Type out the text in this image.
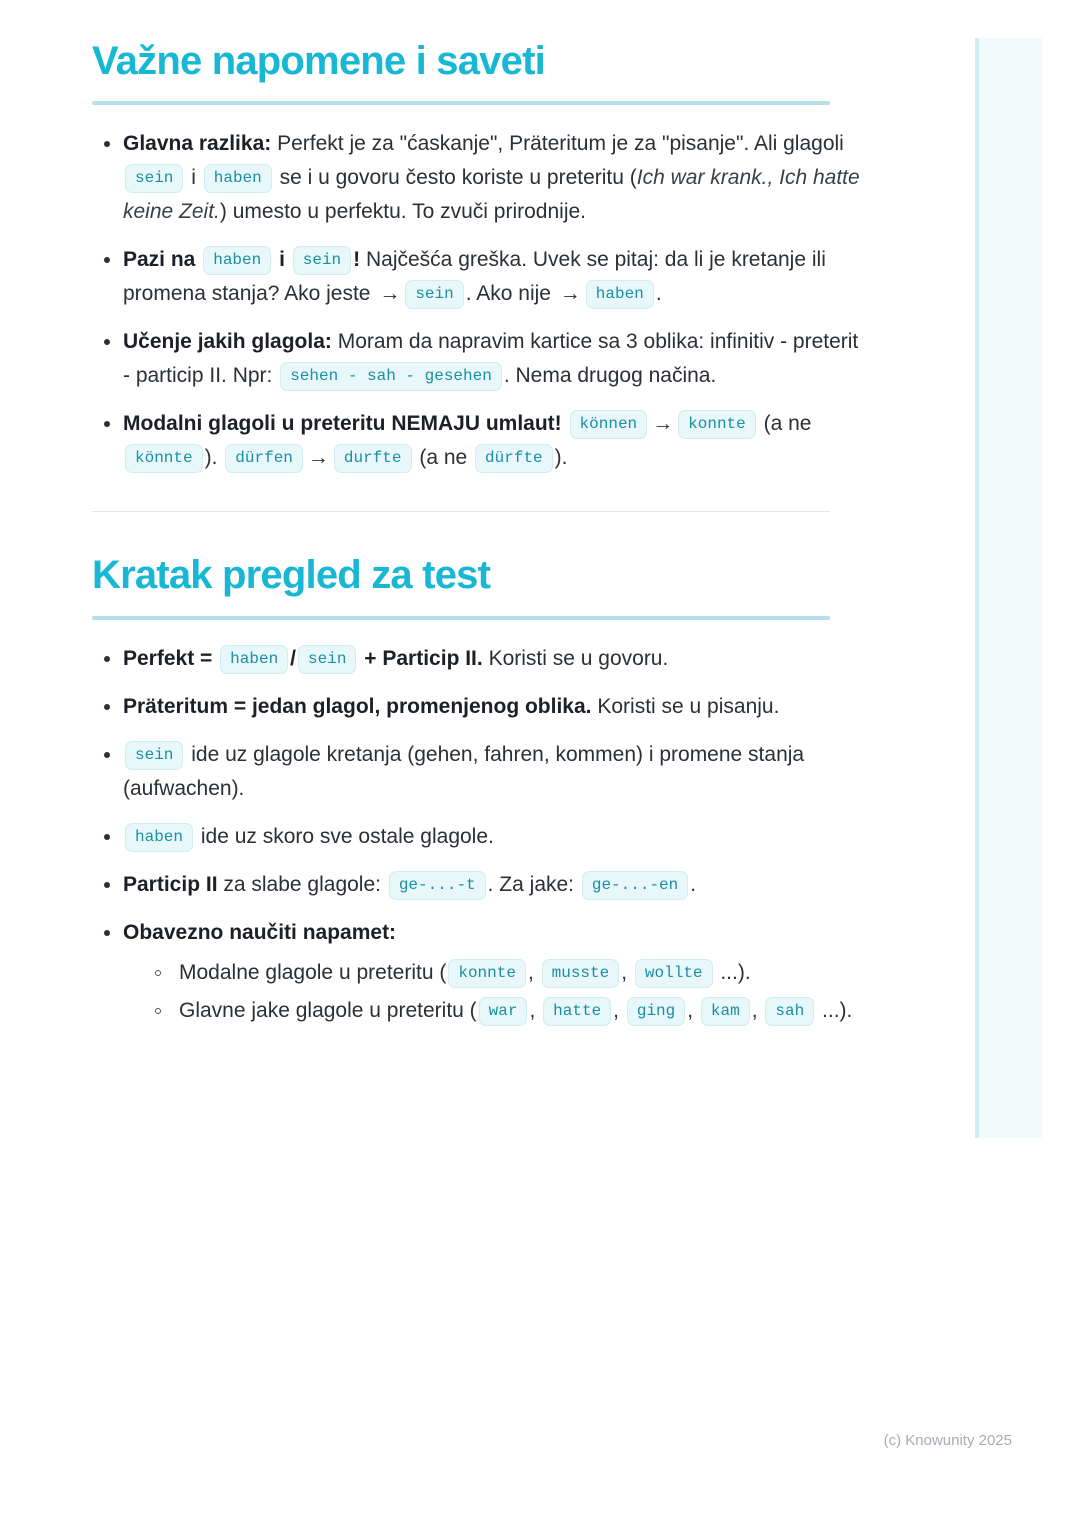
Važne napomene i saveti
Glavna razlika: Perfekt je za "ćaskanje", Präteritum je za "pisanje". Ali glagoli sein i haben se i u govoru često koriste u preteritu (Ich war krank., Ich hatte keine Zeit.) umesto u perfektu. To zvuči prirodnije.
Pazi na haben i sein ! Najčešća greška. Uvek se pitaj: da li je kretanje ili promena stanja? Ako jeste → sein . Ako nije → haben .
Učenje jakih glagola: Moram da napravim kartice sa 3 oblika: infinitiv - preterit - particip II. Npr: sehen - sah - gesehen . Nema drugog načina.
Modalni glagoli u preteritu NEMAJU umlaut! können → konnte (a ne könnte ). dürfen → durfte (a ne dürfte ).
Kratak pregled za test
Perfekt = haben / sein + Particip II. Koristi se u govoru.
Präteritum = jedan glagol, promenjenog oblika. Koristi se u pisanju.
sein ide uz glagole kretanja (gehen, fahren, kommen) i promene stanja (aufwachen).
haben ide uz skoro sve ostale glagole.
Particip II za slabe glagole: ge-...-t . Za jake: ge-...-en .
Obavezno naučiti napamet:
Modalne glagole u preteritu ( konnte , musste , wollte ...).
Glavne jake glagole u preteritu ( war , hatte , ging , kam , sah ...).
(c) Knowunity 2025
